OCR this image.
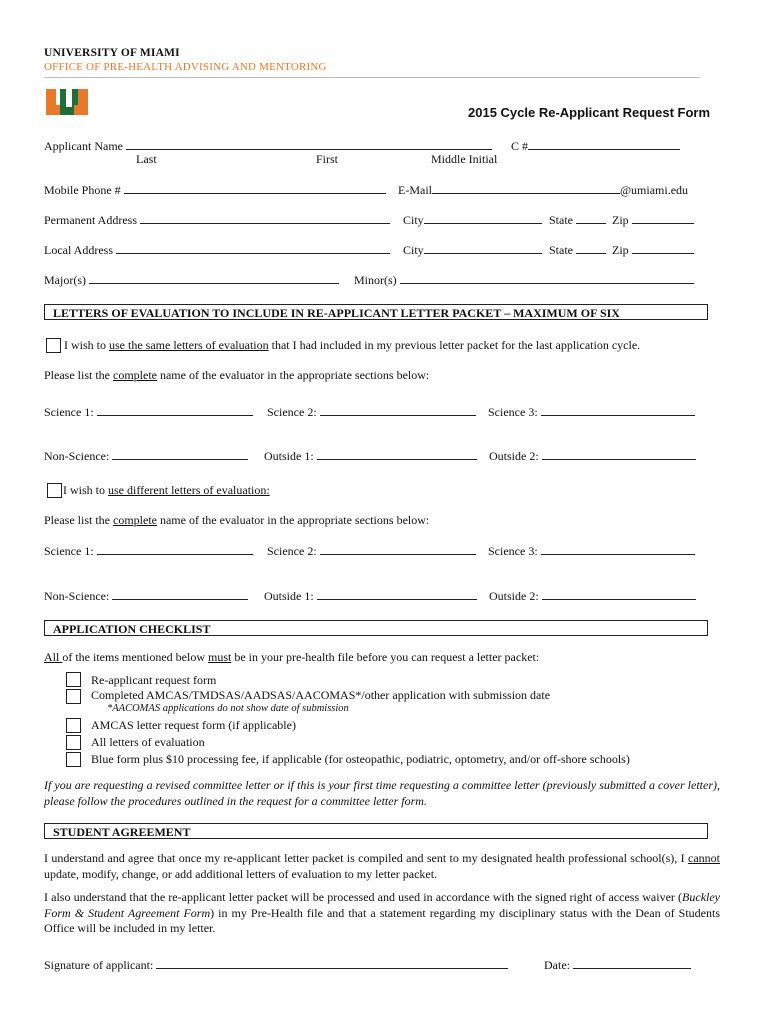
UNIVERSITY OF MIAMI
OFFICE OF PRE-HEALTH ADVISING AND MENTORING
2015 Cycle Re-Applicant Request Form
Applicant Name	C #
Last	First	Middle Initial
Mobile Phone #	E-Mail	@umiami.edu
Permanent Address	City	State	Zip
Local Address	City	State	Zip
Major(s)	Minor(s)
LETTERS OF EVALUATION TO INCLUDE IN RE-APPLICANT LETTER PACKET – MAXIMUM OF SIX
I wish to use the same letters of evaluation that I had included in my previous letter packet for the last application cycle.
Please list the complete name of the evaluator in the appropriate sections below:
Science 1:	Science 2:	Science 3:
Non-Science:	Outside 1:	Outside 2:
I wish to use different letters of evaluation:
Please list the complete name of the evaluator in the appropriate sections below:
Science 1:	Science 2:	Science 3:
Non-Science:	Outside 1:	Outside 2:
APPLICATION CHECKLIST
All of the items mentioned below must be in your pre-health file before you can request a letter packet:
Re-applicant request form
Completed AMCAS/TMDSAS/AADSAS/AACOMAS*/other application with submission date
*AACOMAS applications do not show date of submission
AMCAS letter request form (if applicable)
All letters of evaluation
Blue form plus $10 processing fee, if applicable (for osteopathic, podiatric, optometry, and/or off-shore schools)
If you are requesting a revised committee letter or if this is your first time requesting a committee letter (previously submitted a cover letter), please follow the procedures outlined in the request for a committee letter form.
STUDENT AGREEMENT
I understand and agree that once my re-applicant letter packet is compiled and sent to my designated health professional school(s), I cannot update, modify, change, or add additional letters of evaluation to my letter packet.
I also understand that the re-applicant letter packet will be processed and used in accordance with the signed right of access waiver (Buckley Form & Student Agreement Form) in my Pre-Health file and that a statement regarding my disciplinary status with the Dean of Students Office will be included in my letter.
Signature of applicant:	Date:
